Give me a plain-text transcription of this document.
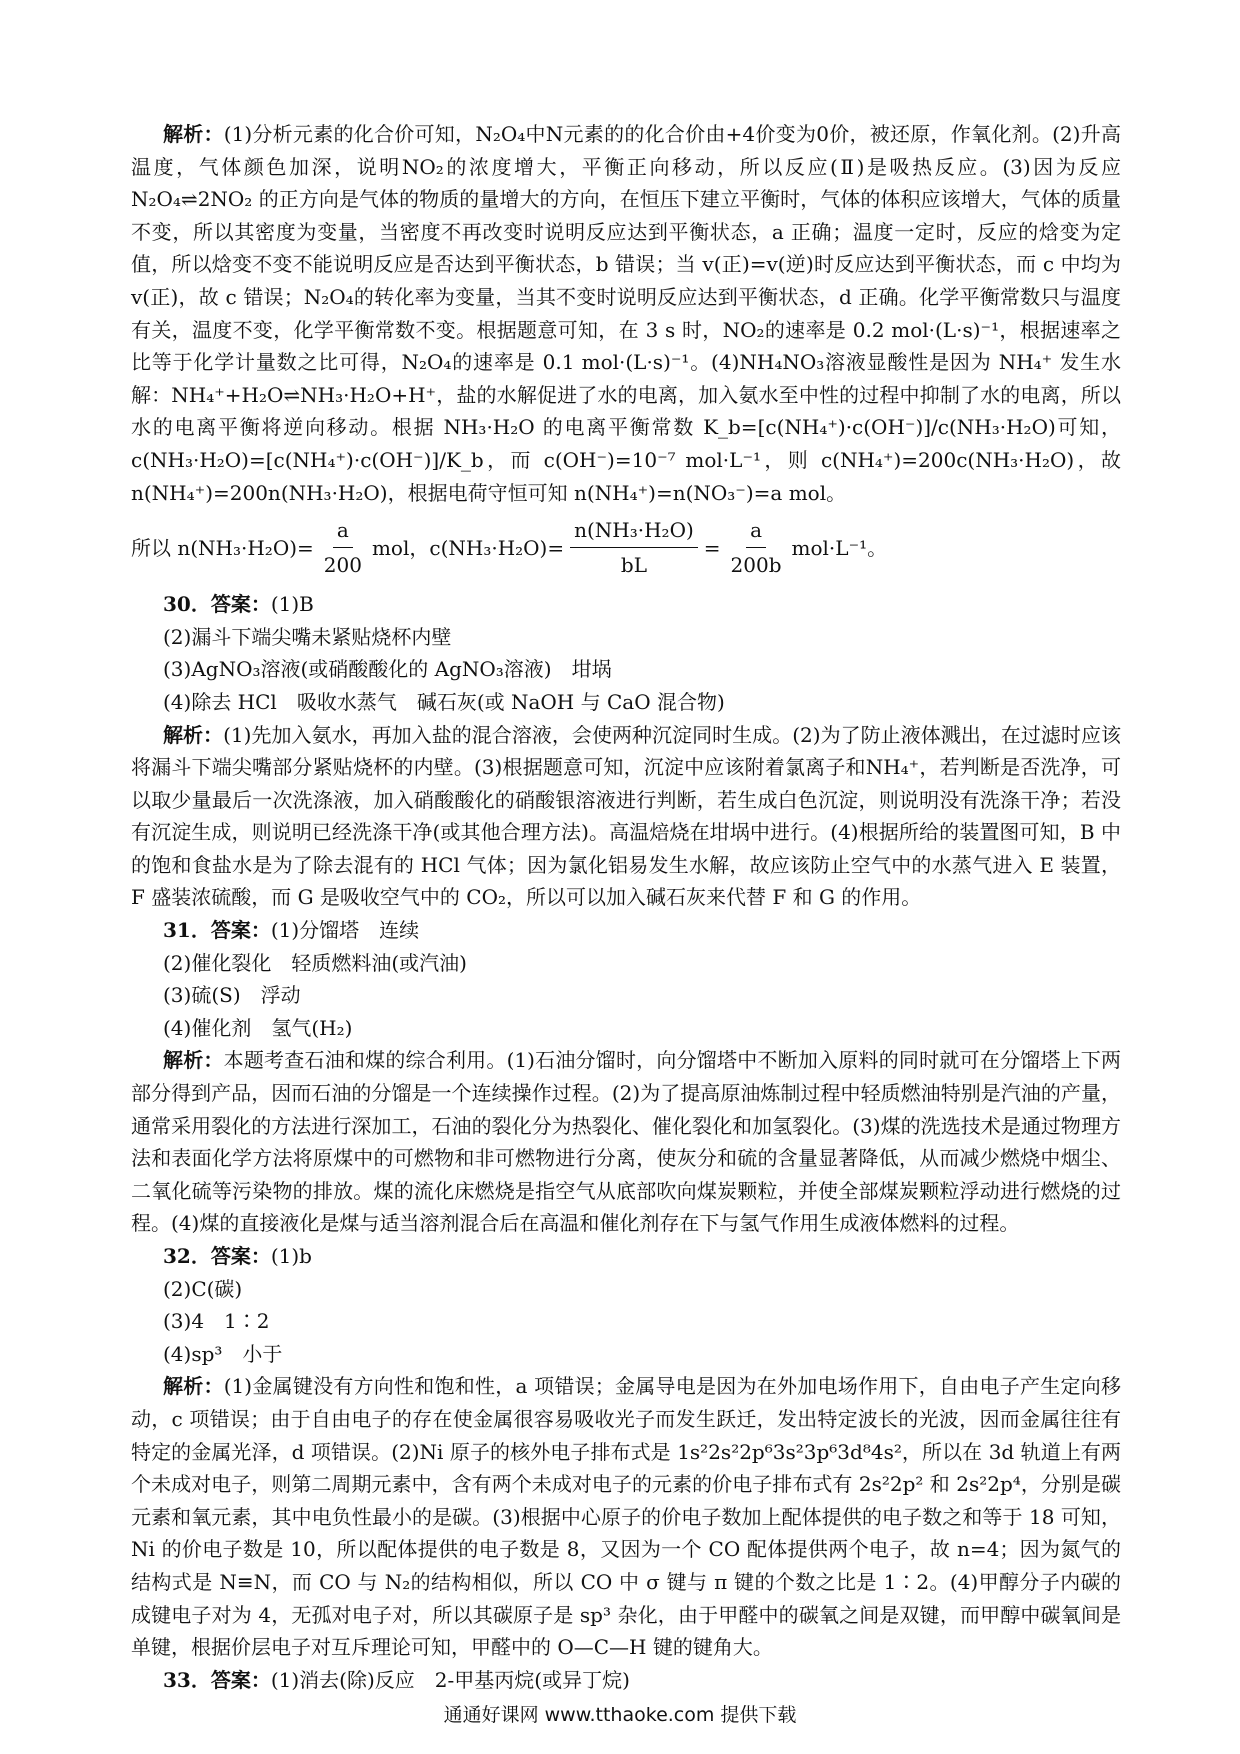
解析：(1)分析元素的化合价可知，N₂O₄中N元素的的化合价由+4价变为0价，被还原，作氧化剂。(2)升高温度，气体颜色加深，说明NO₂的浓度增大，平衡正向移动，所以反应(Ⅱ)是吸热反应。(3)因为反应 N₂O₄⇌2NO₂ 的正方向是气体的物质的量增大的方向，在恒压下建立平衡时，气体的体积应该增大，气体的质量不变，所以其密度为变量，当密度不再改变时说明反应达到平衡状态，a 正确；温度一定时，反应的焓变为定值，所以焓变不变不能说明反应是否达到平衡状态，b 错误；当 v(正)=v(逆)时反应达到平衡状态，而 c 中均为 v(正)，故 c 错误；N₂O₄的转化率为变量，当其不变时说明反应达到平衡状态，d 正确。化学平衡常数只与温度有关，温度不变，化学平衡常数不变。根据题意可知，在 3 s 时，NO₂的速率是 0.2 mol·(L·s)⁻¹，根据速率之比等于化学计量数之比可得，N₂O₄的速率是 0.1 mol·(L·s)⁻¹。(4)NH₄NO₃溶液显酸性是因为 NH₄⁺ 发生水解：NH₄⁺+H₂O⇌NH₃·H₂O+H⁺，盐的水解促进了水的电离，加入氨水至中性的过程中抑制了水的电离，所以水的电离平衡将逆向移动。根据 NH₃·H₂O 的电离平衡常数 K_b=[c(NH₄⁺)·c(OH⁻)]/c(NH₃·H₂O)可知，c(NH₃·H₂O)=[c(NH₄⁺)·c(OH⁻)]/K_b，而 c(OH⁻)=10⁻⁷ mol·L⁻¹，则 c(NH₄⁺)=200c(NH₃·H₂O)，故 n(NH₄⁺)=200n(NH₃·H₂O)，根据电荷守恒可知 n(NH₄⁺)=n(NO₃⁻)=a mol。

所以 $n(NH_3\cdot H_2O)= \frac{a}{200}$ mol，$c(NH_3\cdot H_2O)= \frac{\text{n(NH₃·H₂O)}}{bL} = \frac{a}{200b} mol\cdot L^{-1}$。

30．答案：(1)B

(2)漏斗下端尖嘴未紧贴烧杯内壁

(3)AgNO₃溶液(或硝酸酸化的 AgNO₃溶液)　坩埚

(4)除去 HCl　吸收水蒸气　碱石灰(或 NaOH 与 CaO 混合物)

解析：(1)先加入氨水，再加入盐的混合溶液，会使两种沉淀同时生成。(2)为了防止液体溅出，在过滤时应该将漏斗下端尖嘴部分紧贴烧杯的内壁。(3)根据题意可知，沉淀中应该附着氯离子和NH₄⁺，若判断是否洗净，可以取少量最后一次洗涤液，加入硝酸酸化的硝酸银溶液进行判断，若生成白色沉淀，则说明没有洗涤干净；若没有沉淀生成，则说明已经洗涤干净(或其他合理方法)。高温焙烧在坩埚中进行。(4)根据所给的装置图可知，B 中的饱和食盐水是为了除去混有的 HCl 气体；因为氯化铝易发生水解，故应该防止空气中的水蒸气进入 E 装置，F 盛装浓硫酸，而 G 是吸收空气中的 CO₂，所以可以加入碱石灰来代替 F 和 G 的作用。

31．答案：(1)分馏塔　连续

(2)催化裂化　轻质燃料油(或汽油)

(3)硫(S)　浮动

(4)催化剂　氢气(H₂)

解析：本题考查石油和煤的综合利用。(1)石油分馏时，向分馏塔中不断加入原料的同时就可在分馏塔上下两部分得到产品，因而石油的分馏是一个连续操作过程。(2)为了提高原油炼制过程中轻质燃油特别是汽油的产量，通常采用裂化的方法进行深加工，石油的裂化分为热裂化、催化裂化和加氢裂化。(3)煤的洗选技术是通过物理方法和表面化学方法将原煤中的可燃物和非可燃物进行分离，使灰分和硫的含量显著降低，从而减少燃烧中烟尘、二氧化硫等污染物的排放。煤的流化床燃烧是指空气从底部吹向煤炭颗粒，并使全部煤炭颗粒浮动进行燃烧的过程。(4)煤的直接液化是煤与适当溶剂混合后在高温和催化剂存在下与氢气作用生成液体燃料的过程。

32．答案：(1)b

(2)C(碳)

(3)4　1∶2

(4)sp³　小于

解析：(1)金属键没有方向性和饱和性，a 项错误；金属导电是因为在外加电场作用下，自由电子产生定向移动，c 项错误；由于自由电子的存在使金属很容易吸收光子而发生跃迁，发出特定波长的光波，因而金属往往有特定的金属光泽，d 项错误。(2)Ni 原子的核外电子排布式是 1s²2s²2p⁶3s²3p⁶3d⁸4s²，所以在 3d 轨道上有两个未成对电子，则第二周期元素中，含有两个未成对电子的元素的价电子排布式有 2s²2p² 和 2s²2p⁴，分别是碳元素和氧元素，其中电负性最小的是碳。(3)根据中心原子的价电子数加上配体提供的电子数之和等于 18 可知，Ni 的价电子数是 10，所以配体提供的电子数是 8，又因为一个 CO 配体提供两个电子，故 n=4；因为氮气的结构式是 N≡N，而 CO 与 N₂的结构相似，所以 CO 中 σ 键与 π 键的个数之比是 1∶2。(4)甲醇分子内碳的成键电子对为 4，无孤对电子对，所以其碳原子是 sp³ 杂化，由于甲醛中的碳氧之间是双键，而甲醇中碳氧间是单键，根据价层电子对互斥理论可知，甲醛中的 O—C—H 键的键角大。

33．答案：(1)消去(除)反应　2-甲基丙烷(或异丁烷)

通通好课网 www.tthaoke.com 提供下载
